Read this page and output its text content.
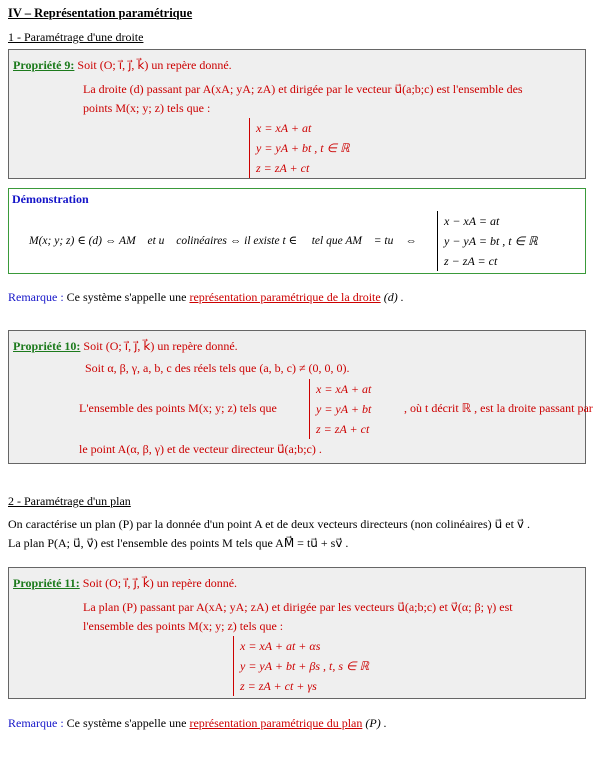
IV – Représentation paramétrique
1 - Paramétrage d'une droite
Propriété 9: Soit (O; i⃗, j⃗, k⃗) un repère donné.
La droite (d) passant par A(xA; yA; zA) et dirigée par le vecteur u⃗(a;b;c) est l'ensemble des
points M(x; y; z) tels que :
x = xA + at
y = yA + bt , t ∈ ℝ
z = zA + ct
Démonstration
M(x; y; z) ∈ (d) ⇔ AM⃗ et u⃗ colinéaires ⇔ il existe t ∈ ℝ tel que AM⃗ = tu⃗ ⇔
x − xA = at
y − yA = bt , t ∈ ℝ
z − zA = ct
Remarque : Ce système s'appelle une représentation paramétrique de la droite (d) .
Propriété 10: Soit (O; i⃗, j⃗, k⃗) un repère donné.
Soit α, β, γ, a, b, c des réels tels que (a, b, c) ≠ (0, 0, 0).
L'ensemble des points M(x; y; z) tels que
x = xA + at
y = yA + bt
z = zA + ct
, où t décrit ℝ , est la droite passant par
le point A(α, β, γ) et de vecteur directeur u⃗(a;b;c) .
2 - Paramétrage d'un plan
On caractérise un plan (P) par la donnée d'un point A et de deux vecteurs directeurs (non colinéaires) u⃗ et v⃗ .
La plan P(A; u⃗, v⃗) est l'ensemble des points M tels que AM⃗ = tu⃗ + sv⃗ .
Propriété 11: Soit (O; i⃗, j⃗, k⃗) un repère donné.
La plan (P) passant par A(xA; yA; zA) et dirigée par les vecteurs u⃗(a;b;c) et v⃗(α; β; γ) est
l'ensemble des points M(x; y; z) tels que :
x = xA + at + αs
y = yA + bt + βs , t, s ∈ ℝ
z = zA + ct + γs
Remarque : Ce système s'appelle une représentation paramétrique du plan (P) .
